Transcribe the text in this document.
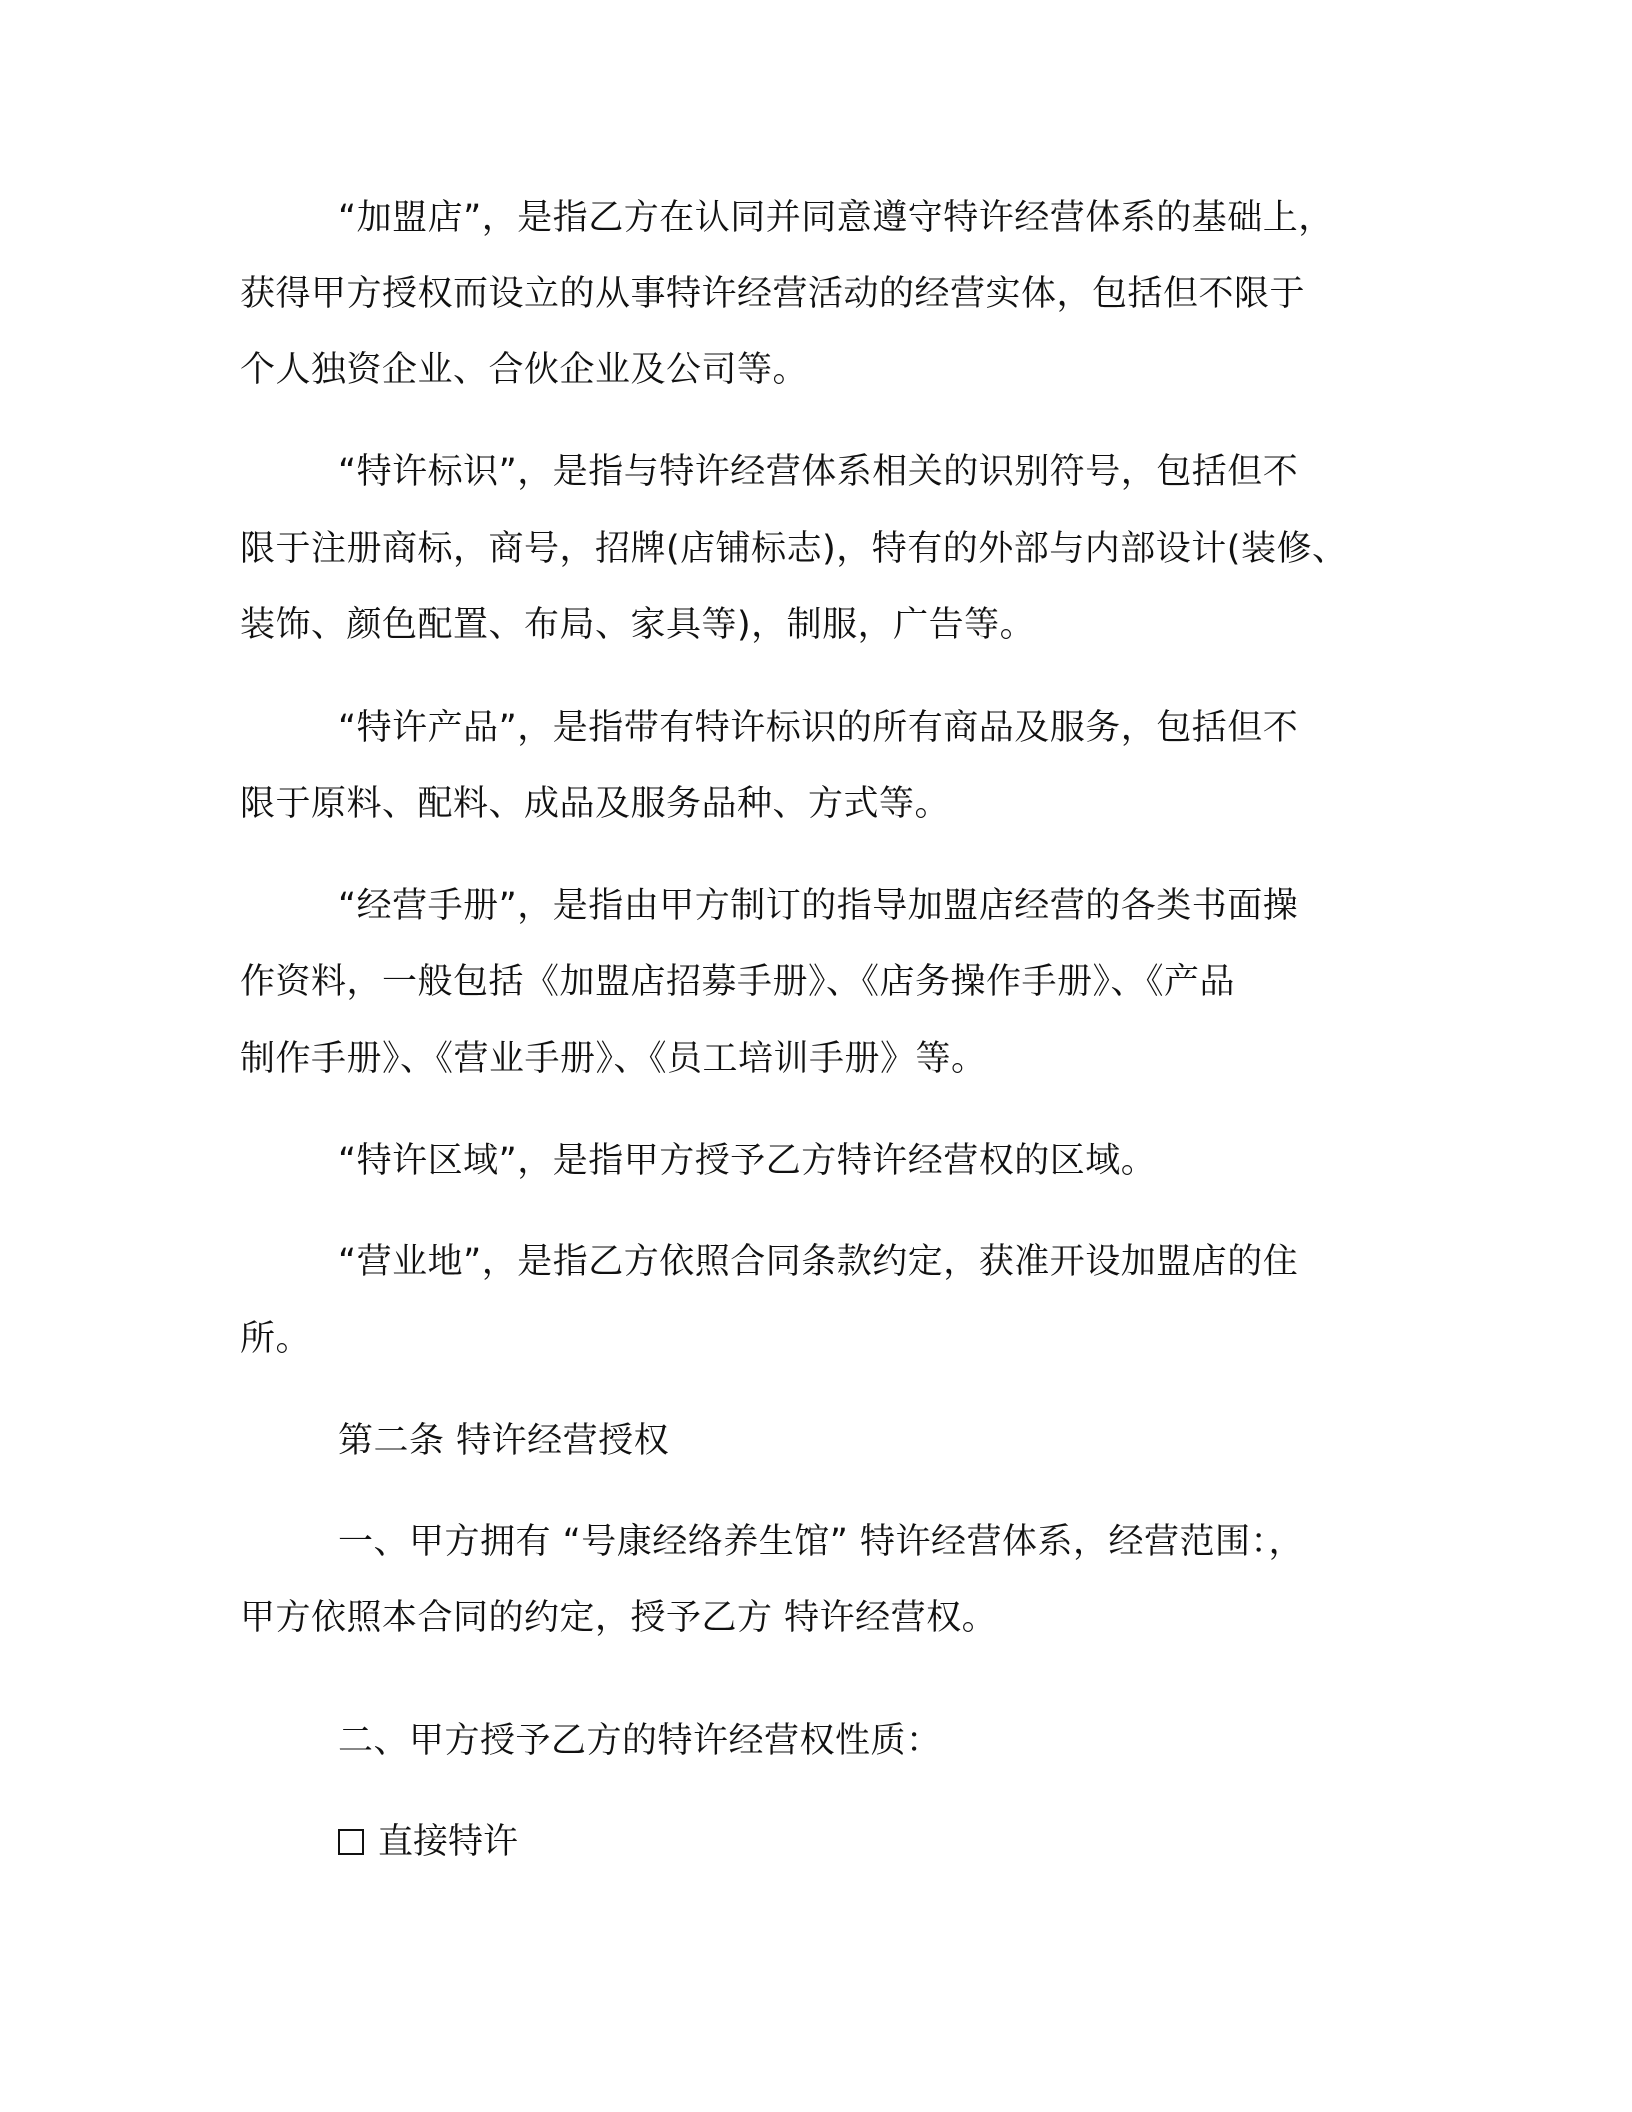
“加盟店”，是指乙方在认同并同意遵守特许经营体系的基础上，
获得甲方授权而设立的从事特许经营活动的经营实体，包括但不限于
个人独资企业、合伙企业及公司等。
“特许标识”，是指与特许经营体系相关的识别符号，包括但不
限于注册商标，商号，招牌(店铺标志)，特有的外部与内部设计(装修、
装饰、颜色配置、布局、家具等)，制服，广告等。
“特许产品”，是指带有特许标识的所有商品及服务，包括但不
限于原料、配料、成品及服务品种、方式等。
“经营手册”，是指由甲方制订的指导加盟店经营的各类书面操
作资料，一般包括《加盟店招募手册》、《店务操作手册》、《产品
制作手册》、《营业手册》、《员工培训手册》等。
“特许区域”，是指甲方授予乙方特许经营权的区域。
“营业地”，是指乙方依照合同条款约定，获准开设加盟店的住
所。
第二条 特许经营授权
一、甲方拥有 “号康经络养生馆” 特许经营体系，经营范围：，
甲方依照本合同的约定，授予乙方 特许经营权。
二、甲方授予乙方的特许经营权性质：
直接特许
